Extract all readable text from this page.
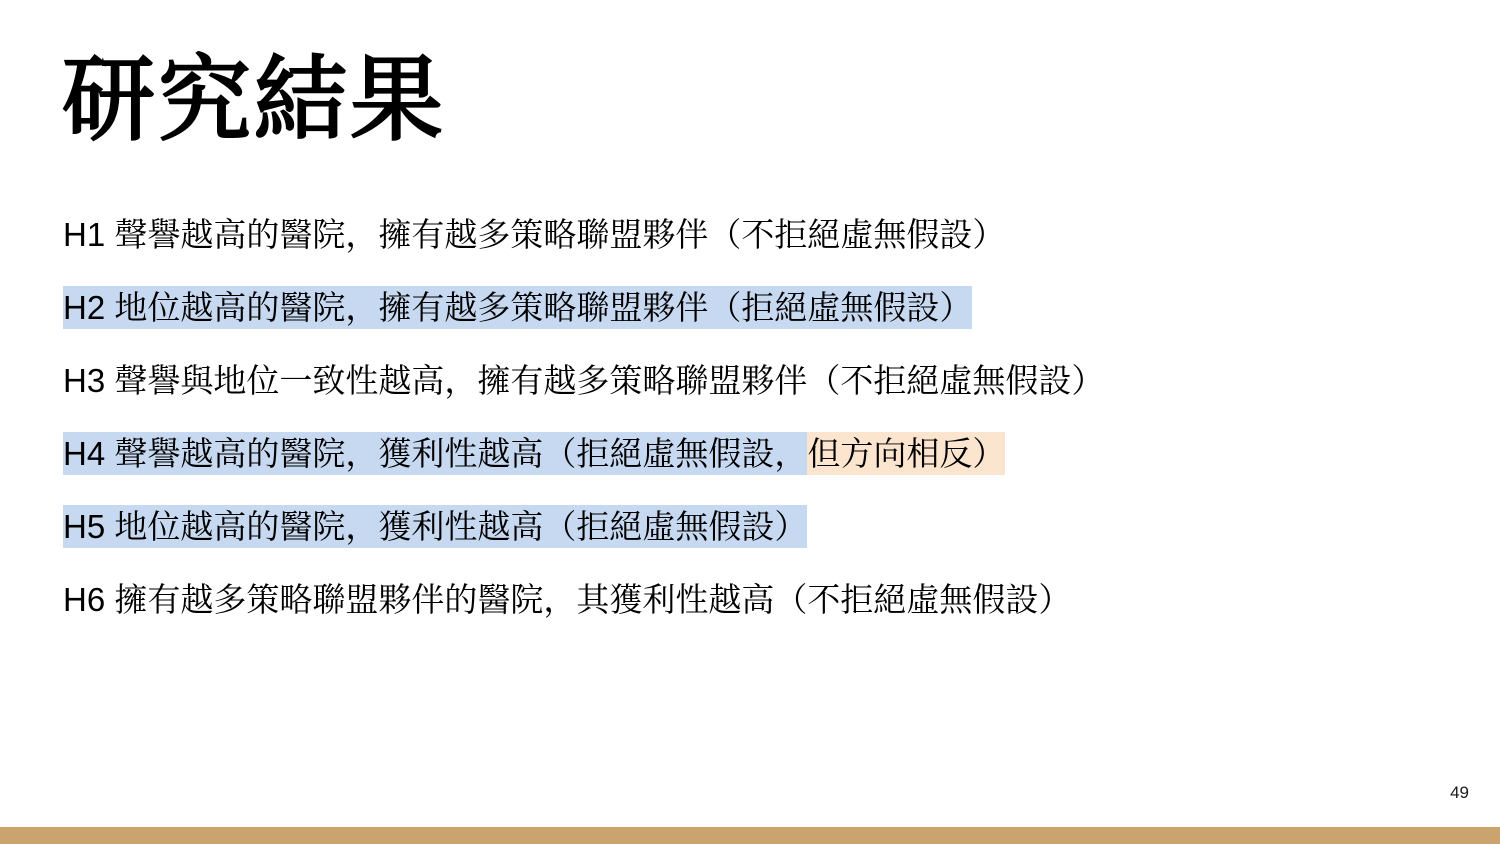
研究結果
H1 聲譽越高的醫院，擁有越多策略聯盟夥伴（不拒絕虛無假設）
H2 地位越高的醫院，擁有越多策略聯盟夥伴（拒絕虛無假設）
H3 聲譽與地位一致性越高，擁有越多策略聯盟夥伴（不拒絕虛無假設）
H4 聲譽越高的醫院，獲利性越高（拒絕虛無假設，但方向相反）
H5 地位越高的醫院，獲利性越高（拒絕虛無假設）
H6 擁有越多策略聯盟夥伴的醫院，其獲利性越高（不拒絕虛無假設）
49
